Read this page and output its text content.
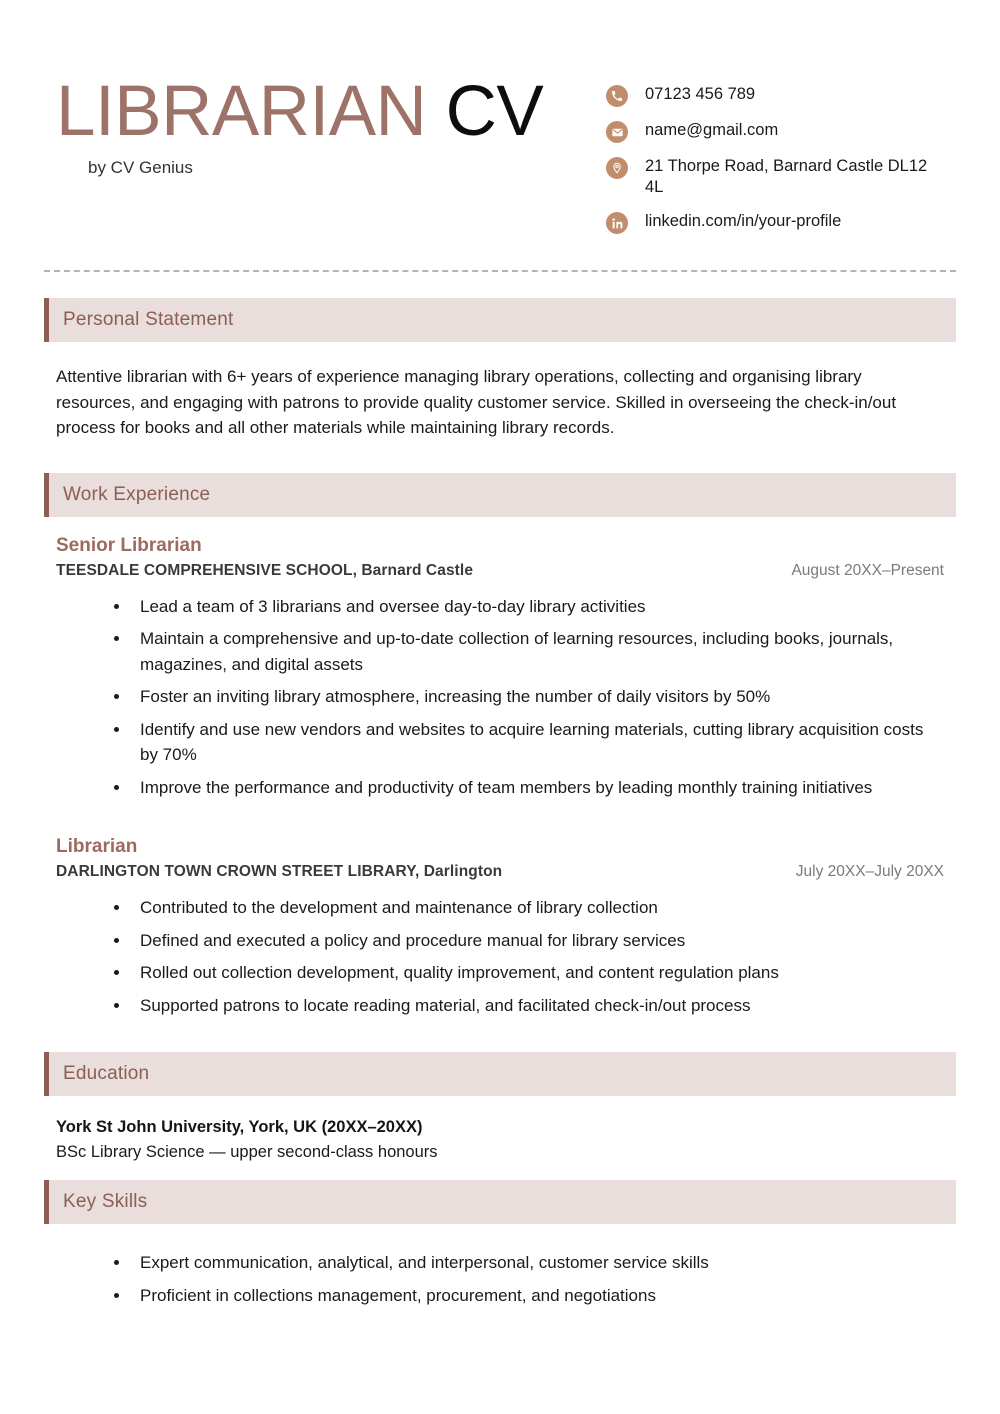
LIBRARIAN CV
by CV Genius
07123 456 789
name@gmail.com
21 Thorpe Road, Barnard Castle DL12 4L
linkedin.com/in/your-profile
Personal Statement
Attentive librarian with 6+ years of experience managing library operations, collecting and organising library resources, and engaging with patrons to provide quality customer service. Skilled in overseeing the check-in/out process for books and all other materials while maintaining library records.
Work Experience
Senior Librarian
TEESDALE COMPREHENSIVE SCHOOL, Barnard Castle	August 20XX–Present
Lead a team of 3 librarians and oversee day-to-day library activities
Maintain a comprehensive and up-to-date collection of learning resources, including books, journals, magazines, and digital assets
Foster an inviting library atmosphere, increasing the number of daily visitors by 50%
Identify and use new vendors and websites to acquire learning materials, cutting library acquisition costs by 70%
Improve the performance and productivity of team members by leading monthly training initiatives
Librarian
DARLINGTON TOWN CROWN STREET LIBRARY, Darlington	July 20XX–July 20XX
Contributed to the development and maintenance of library collection
Defined and executed a policy and procedure manual for library services
Rolled out collection development, quality improvement, and content regulation plans
Supported patrons to locate reading material, and facilitated check-in/out process
Education
York St John University, York, UK (20XX–20XX)
BSc Library Science — upper second-class honours
Key Skills
Expert communication, analytical, and interpersonal, customer service skills
Proficient in collections management, procurement, and negotiations
